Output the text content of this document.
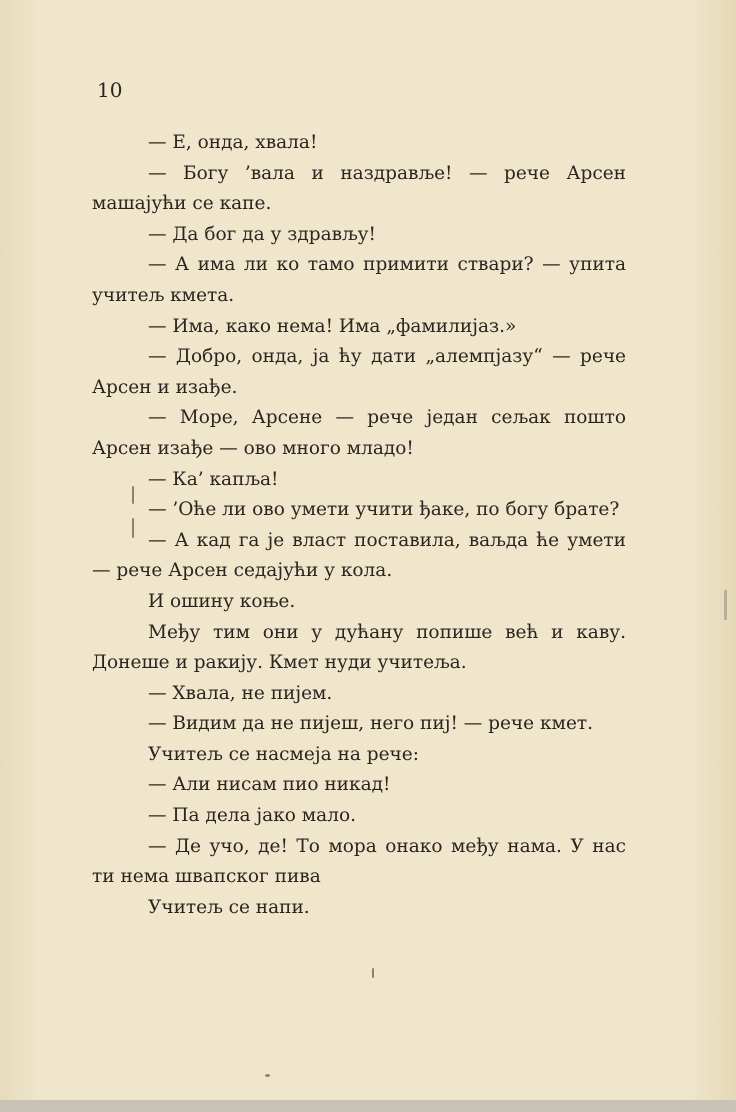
10

— Е, онда, хвала!

— Богу ’вала и наздравље! — рече Арсен машаjући се капе.

— Да бог да у здрављу!

— А има ли ко тамо примити ствари? — упита учитељ кмета.

— Има, како нема! Има „фамилијаз.»

— Добро, онда, ја ћу дати „алемпјазу“ — рече Арсен и изађе.

— Море, Арсене — рече један сељак пошто Арсен изађе — ово много младо!

— Ка’ капља!

— ’Оће ли ово умети учити ђаке, по богу брате?

— А кад га је власт поставила, ваљда ће умети — рече Арсен седајући у кола.

И ошину коње.

Међу тим они у дућану попише већ и каву. Донеше и ракију. Кмет нуди учитеља.

— Хвала, не пијем.

— Видим да не пијеш, него пиј! — рече кмет.

Учитељ се насмеја на рече:

— Али нисам пио никад!

— Па дела јако мало.

— Де учо, де! То мора онако међу нама. У нас ти нема швапског пива

Учитељ се напи.
